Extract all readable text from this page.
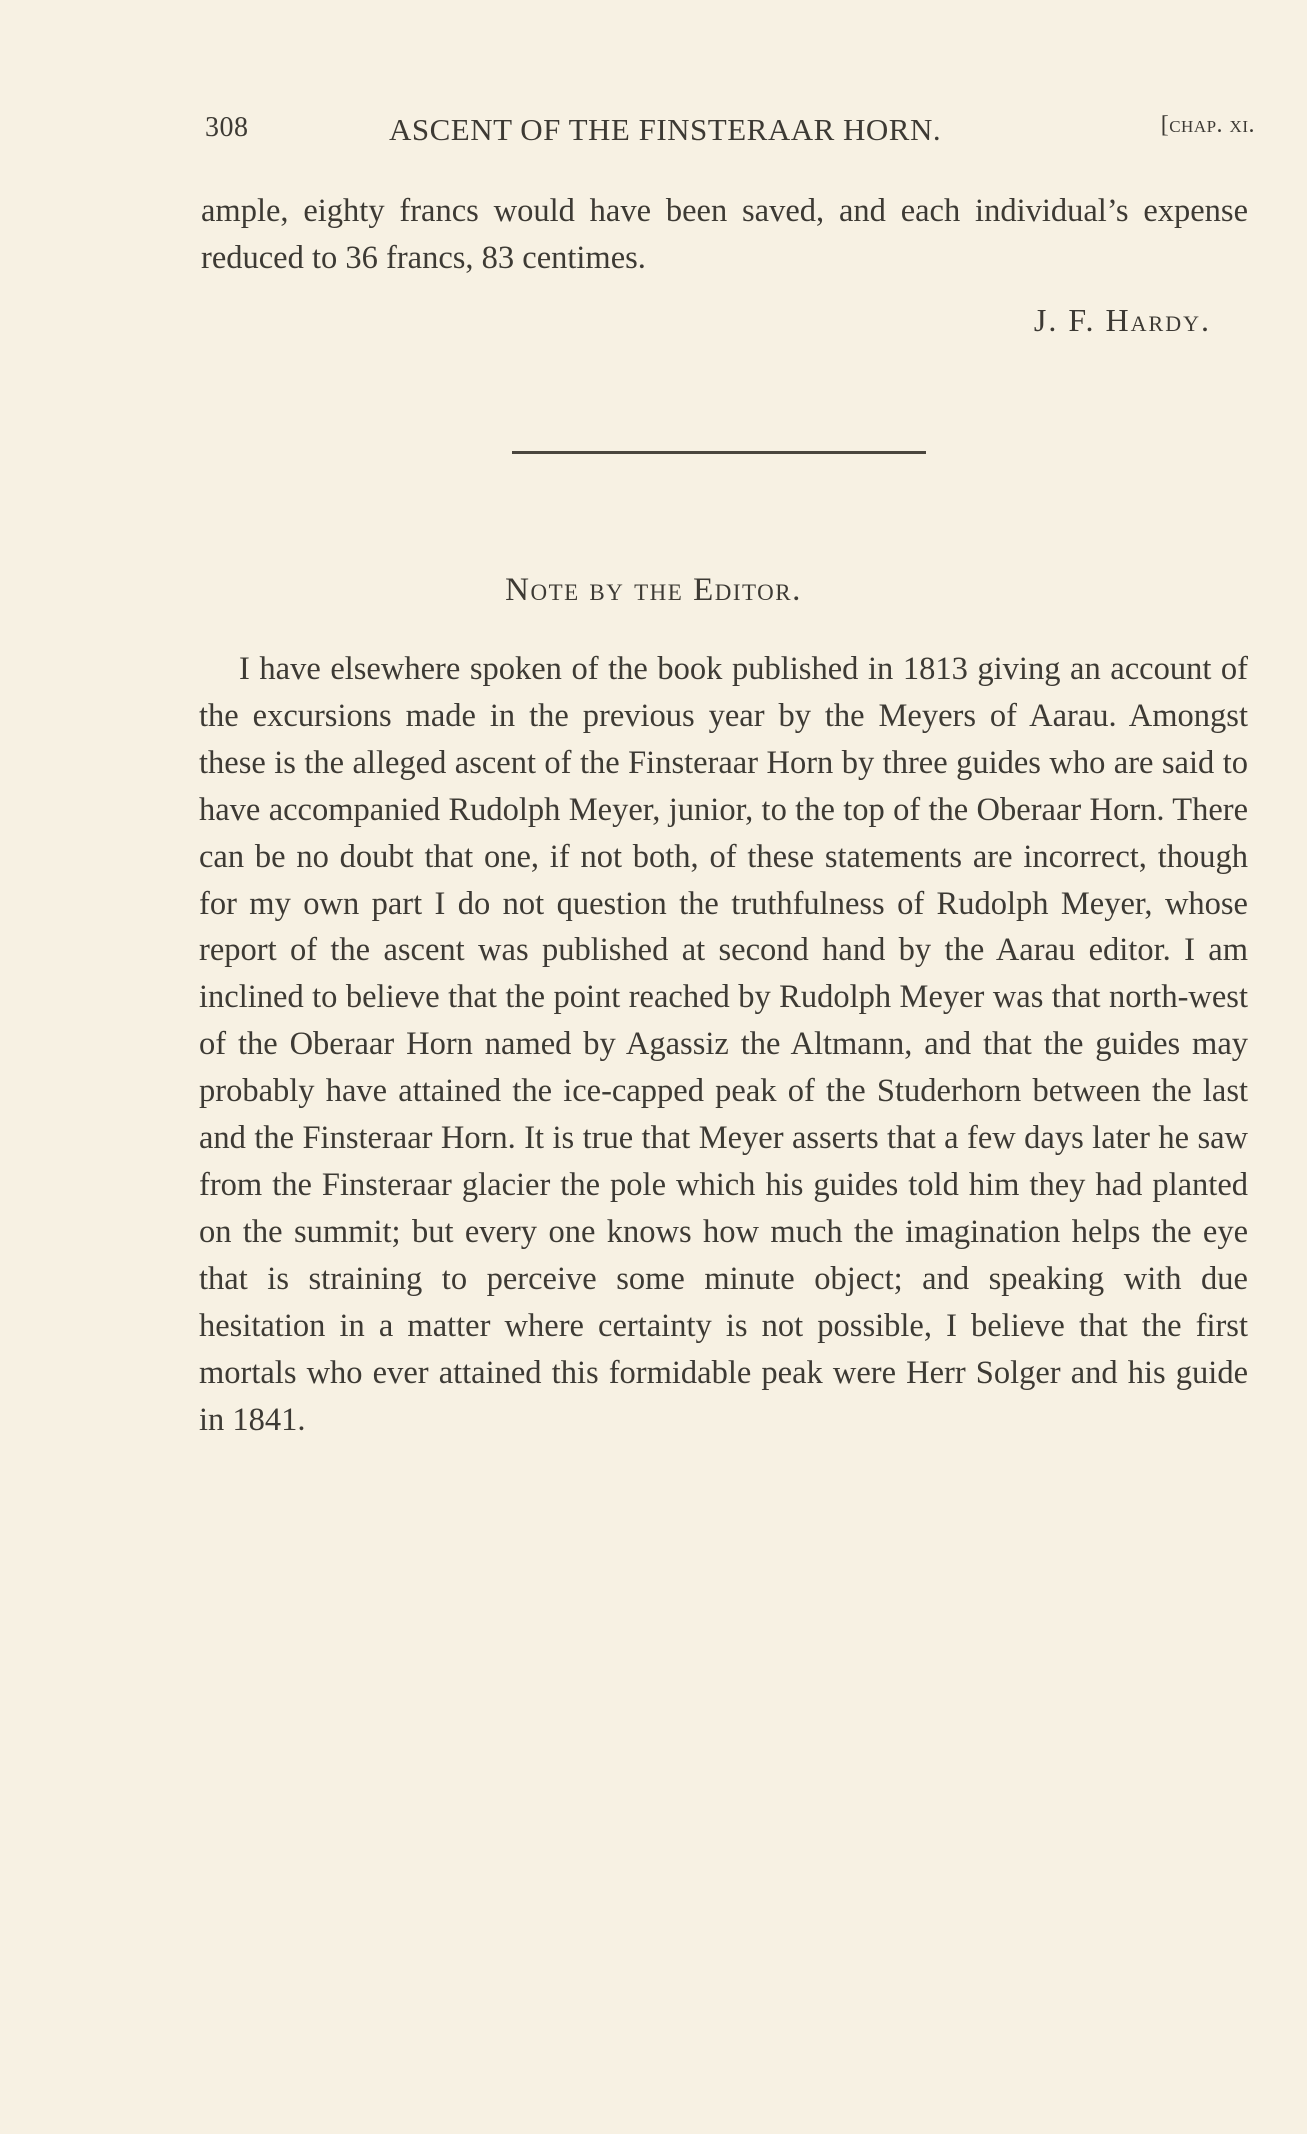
308	ASCENT OF THE FINSTERAAR HORN.	[chap. xi.

ample, eighty francs would have been saved, and each individual’s expense reduced to 36 francs, 83 centimes.

J. F. Hardy.
Note by the Editor.

I have elsewhere spoken of the book published in 1813 giving an account of the excursions made in the previous year by the Meyers of Aarau. Amongst these is the alleged ascent of the Finsteraar Horn by three guides who are said to have accompanied Rudolph Meyer, junior, to the top of the Oberaar Horn. There can be no doubt that one, if not both, of these statements are incorrect, though for my own part I do not question the truthfulness of Rudolph Meyer, whose report of the ascent was published at second hand by the Aarau editor. I am inclined to believe that the point reached by Rudolph Meyer was that north-west of the Oberaar Horn named by Agassiz the Altmann, and that the guides may probably have attained the ice-capped peak of the Studerhorn between the last and the Finsteraar Horn. It is true that Meyer asserts that a few days later he saw from the Finsteraar glacier the pole which his guides told him they had planted on the summit; but every one knows how much the imagination helps the eye that is straining to perceive some minute object; and speaking with due hesitation in a matter where certainty is not possible, I believe that the first mortals who ever attained this formidable peak were Herr Solger and his guide in 1841.
